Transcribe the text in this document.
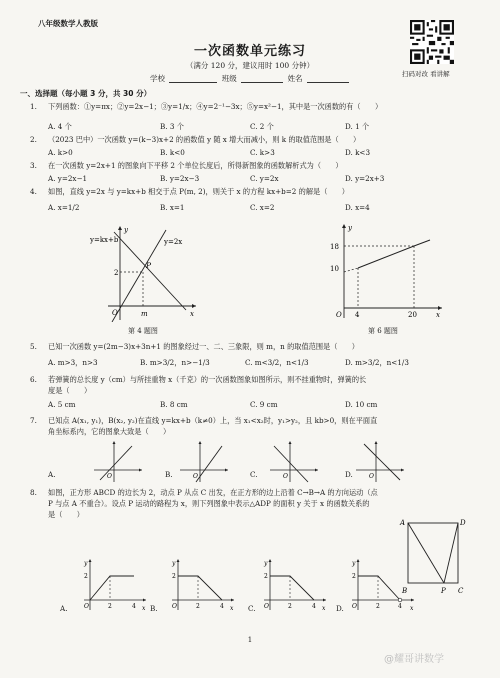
八年级数学人教版
扫码对改 看讲解
一次函数单元练习
（满分 120 分，建议用时 100 分钟）
学校	班级	姓名
一、选择题（每小题 3 分，共 30 分）
1. 下列函数：①y=πx；②y=2x−1；③y=1/x；④y=2⁻¹−3x；⑤y=x²−1，其中是一次函数的有（　　）
A. 4 个	B. 3 个	C. 2 个	D. 1 个
2. （2023 巴中）一次函数 y=(k−3)x+2 的函数值 y 随 x 增大而减小，则 k 的取值范围是（　　）
A. k>0	B. k<0	C. k>3	D. k<3
3. 在一次函数 y=2x+1 的图象向下平移 2 个单位长度后，所得新图象的函数解析式为（　　）
A. y=2x−1	B. y=2x−3	C. y=2x	D. y=2x+3
4. 如图，直线 y=2x 与 y=kx+b 相交于点 P(m, 2)，则关于 x 的方程 kx+b=2 的解是（　　）
A. x=1/2	B. x=1	C. x=2	D. x=4
y=kx+b	y=2x
P
2
O	m	x
y
第 4 题图
18
10
4	20
O	x
y
第 6 题图
5. 已知一次函数 y=(2m−3)x+3n+1 的图象经过一、二、三象限，则 m，n 的取值范围是（　　）
A. m>3，n>3	B. m>3/2，n>−1/3	C. m<3/2，n<1/3	D. m>3/2，n<1/3
6. 若弹簧的总长度 y（cm）与所挂重物 x（千克）的一次函数图象如图所示，则不挂重物时，弹簧的长
度是（　　）
A. 5 cm	B. 8 cm	C. 9 cm	D. 10 cm
7. 已知点 A(x₁, y₁)，B(x₂, y₂)在直线 y=kx+b（k≠0）上，当 x₁<x₂时，y₁>y₂，且 kb>0，则在平面直
角坐标系内，它的图象大致是（　　）
A.	O	B.	O	C.	O	D.	O
8. 如图，正方形 ABCD 的边长为 2，动点 P 从点 C 出发，在正方形的边上沿着 C→B→A 的方向运动（点
P 与点 A 不重合）。设点 P 运动的路程为 x，则下列图象中表示△ADP 的面积 y 关于 x 的函数关系的
是（　　）
A	D
B	P C
2
2	4
O	x
y
A.
2
2	4
O	x
y
B.
2
2	4
O	x
y
C.
2
2	4
O	x
y
D.
1
@耀哥讲数学
